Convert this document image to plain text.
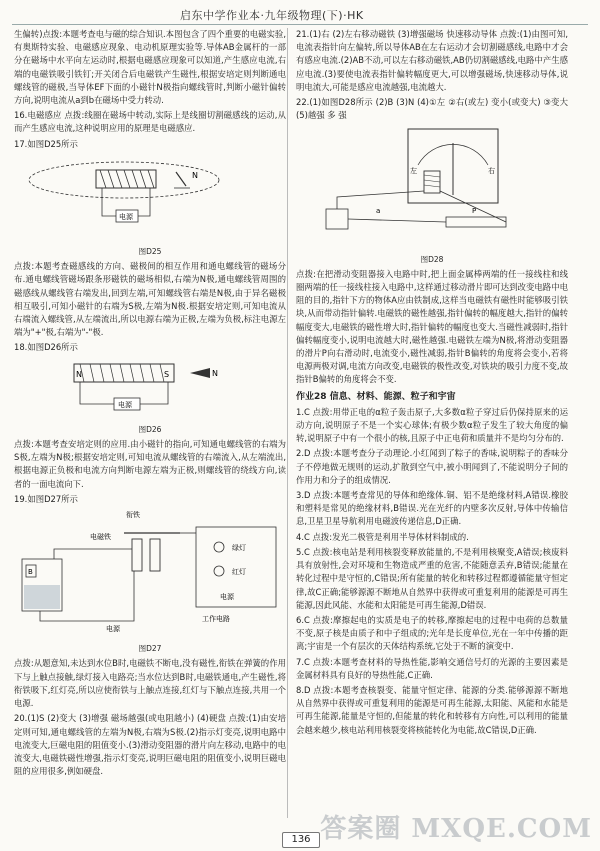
启东中学作业本·九年级物理(下)·HK

生偏转)点拨:本题考查电与磁的综合知识.本图包含了四个重要的电磁实验,有奥斯特实验、电磁感应现象、电动机原理实验等.导体AB金属杆的一部分在磁场中水平向左运动时,根据电磁感应现象可以知道,产生感应电流,右端的电磁铁吸引铁钉;开关闭合后电磁铁产生磁性,根据安培定则判断通电螺线管的磁极,当导体EF下面的小磁针N极指向螺线管时,判断小磁针偏转方向,说明电流从a到b在磁场中受力转动.

16.电磁感应 点拨:线圈在磁场中转动,实际上是线圈切割磁感线的运动,从而产生感应电流,这种说明应用的原理是电磁感应.

17.如图D25所示

N
电源

图D25

点拨:本题考查磁感线的方向、磁极间的相互作用和通电螺线管的磁场分布.通电螺线管磁场跟条形磁铁的磁场相似,右端为N极,通电螺线管周围的磁感线从螺线管右端发出,回到左端,可知螺线管右端是N极,由于异名磁极相互吸引,可知小磁针的右端为S极,左端为N极.根据安培定则,可知电流从右端流入螺线管,从左端流出,所以电源右端为正极,左端为负极,标注电源左端为"+"极,右端为"-"极.

18.如图D26所示

N	S	N
电源

图D26

点拨:本题考查安培定则的应用.由小磁针的指向,可知通电螺线管的右端为S极,左端为N极;根据安培定则,可知电流从螺线管的右端流入,从左端流出,根据电源正负极和电流方向判断电源左端为正极,则螺线管的绕线方向,读者的一面电流向下.

19.如图D27所示

B
衔铁
电磁铁
电源
绿灯
红灯
电源
工作电路

图D27

点拨:从题意知,未达到水位B时,电磁铁不断电,没有磁性,衔铁在弹簧的作用下与上触点接触,绿灯接入电路亮;当水位达到B时,电磁铁通电,产生磁性,将衔铁吸下,红灯亮,所以应使衔铁与上触点连接,红灯与下触点连接,共用一个电源.

20.(1)S (2)变大 (3)增强 磁场越强(或电阻越小) (4)硬盘 点拨:(1)由安培定则可知,通电螺线管的左端为N极,右端为S极.(2)指示灯变亮,说明电路中电流变大,巨磁电阻的阻值变小.(3)滑动变阻器的滑片向左移动,电路中的电流变大,电磁铁磁性增强,指示灯变亮,说明巨磁电阻的阻值变小,说明巨磁电阻的应用很多,例如硬盘.

21.(1)右 (2)左右移动磁铁 (3)增强磁场 快速移动导体 点拨:(1)由图可知,电流表指针向左偏转,所以导体AB在左右运动才会切割磁感线,电路中才会有感应电流.(2)AB不动,可以左右移动磁铁,AB仍切割磁感线,电路中产生感应电流.(3)要使电流表指针偏转幅度更大,可以增强磁场,快速移动导体,说明电流大,可能是感应电流越强,电流越大.

22.(1)如图D28所示 (2)B (3)N (4)①左 ②右(或左) 变小(或变大) ③变大 (5)越强 多 强

左	右
a	P

图D28

点拨:在把滑动变阻器接入电路中时,把上面金属棒两端的任一接线柱和线圈两端的任一接线柱接入电路中,这样通过移动滑片即可达到改变电路中电阻的目的,指针下方的物体A应由铁制成,这样当电磁铁有磁性时能够吸引铁块,从而带动指针偏转.电磁铁的磁性越强,指针偏转的幅度越大,指针的偏转幅度变大,电磁铁的磁性增大时,指针偏转的幅度也变大.当磁性减弱时,指针偏转幅度变小,说明电流越大时,磁性越强.电磁铁左端为N极,将滑动变阻器的滑片P向右滑动时,电流变小,磁性减弱,指针B偏转的角度将会变小,若将电源两极对调,电流方向改变,电磁铁的极性改变,对铁块的吸引力度不变,故指针B偏转的角度将会不变.

作业28 信息、材料、能源、粒子和宇宙

1.C 点拨:用带正电的α粒子轰击原子,大多数α粒子穿过后仍保持原来的运动方向,说明原子不是一个实心球体;有极少数α粒子发生了较大角度的偏转,说明原子中有一个很小的核,且原子中正电荷和质量并不是均匀分布的.

2.D 点拨:本题考查分子动理论.小红闻到了粽子的香味,说明粽子的香味分子不停地做无规则的运动,扩散到空气中,被小明闻到了,不能说明分子间的作用力和分子的组成情况.

3.D 点拨:本题考查常见的导体和绝缘体.铜、铝不是绝缘材料,A错误.橡胶和塑料是常见的绝缘材料,B错误.光在光纤的内壁多次反射,导体中传输信息,卫星卫星导航利用电磁波传递信息,D正确.

4.C 点拨:发光二极管是利用半导体材料制成的.

5.C 点拨:核电站是利用核裂变释放能量的,不是利用核聚变,A错误;核废料具有放射性,会对环境和生物造成严重的危害,不能随意丢弃,B错误;能量在转化过程中是守恒的,C错误;所有能量的转化和转移过程都遵循能量守恒定律,故C正确;能够源源不断地从自然界中获得或可重复利用的能源是可再生能源,因此风能、水能和太阳能是可再生能源,D错误.

6.C 点拨:摩擦起电的实质是电子的转移,摩擦起电的过程中电荷的总数量不变,原子核是由质子和中子组成的;光年是长度单位,光在一年中传播的距离;宇宙是一个有层次的天体结构系统,它处于不断的演变中.

7.C 点拨:本题考查材料的导热性能,影响交通信号灯的光源的主要因素是金属材料具有良好的导热性能,C正确.

8.D 点拨:本题考查核裂变、能量守恒定律、能源的分类.能够源源不断地从自然界中获得或可重复利用的能源是可再生能源,太阳能、风能和水能是可再生能源,能量是守恒的,但能量的转化和转移有方向性,可以利用的能量会越来越少,核电站利用核裂变将核能转化为电能,故C错误,D正确.

136 答案圈 MXQE.COM
